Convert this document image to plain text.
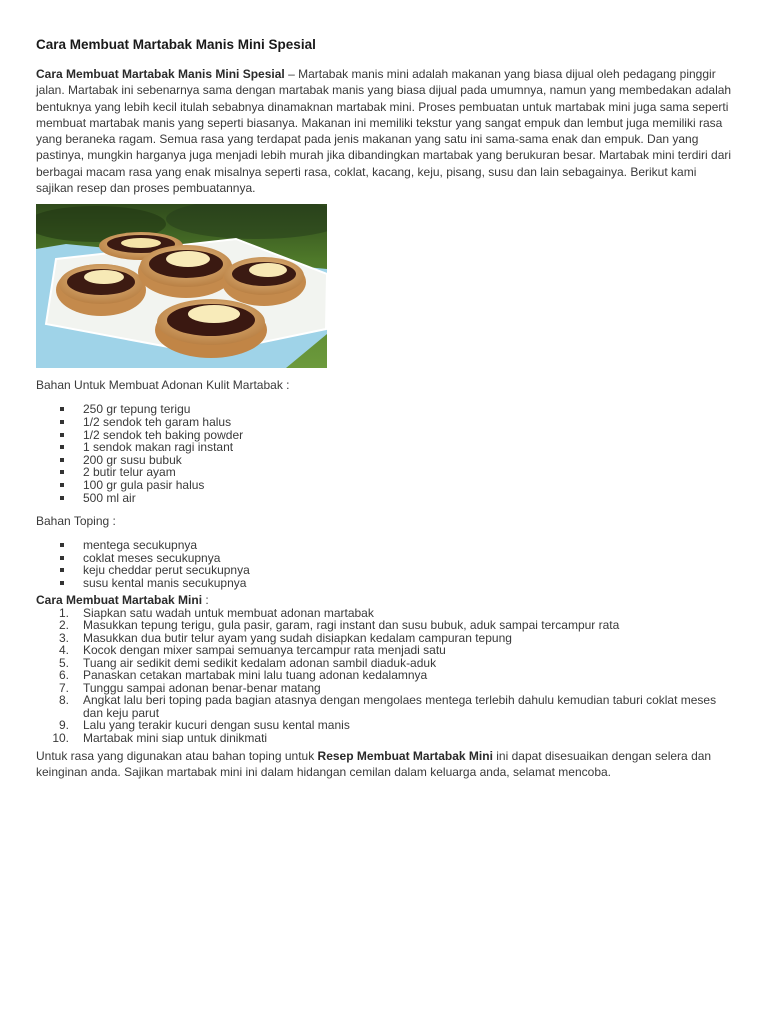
Cara Membuat Martabak Manis Mini Spesial

Cara Membuat Martabak Manis Mini Spesial – Martabak manis mini adalah makanan yang biasa dijual oleh pedagang pinggir jalan. Martabak ini sebenarnya sama dengan martabak manis yang biasa dijual pada umumnya, namun yang membedakan adalah bentuknya yang lebih kecil itulah sebabnya dinamaknan martabak mini. Proses pembuatan untuk martabak mini juga sama seperti membuat martabak manis yang seperti biasanya. Makanan ini memiliki tekstur yang sangat empuk dan lembut juga memiliki rasa yang beraneka ragam. Semua rasa yang terdapat pada jenis makanan yang satu ini sama-sama enak dan empuk. Dan yang pastinya, mungkin harganya juga menjadi lebih murah jika dibandingkan martabak yang berukuran besar. Martabak mini terdiri dari berbagai macam rasa yang enak misalnya seperti rasa, coklat, kacang, keju, pisang, susu dan lain sebagainya. Berikut kami sajikan resep dan proses pembuatannya.

Bahan Untuk Membuat Adonan Kulit Martabak :
250 gr tepung terigu
1/2 sendok teh garam halus
1/2 sendok teh baking powder
1 sendok makan ragi instant
200 gr susu bubuk
2 butir telur ayam
100 gr gula pasir halus
500 ml air
Bahan Toping :
mentega secukupnya
coklat meses secukupnya
keju cheddar perut secukupnya
susu kental manis secukupnya
Cara Membuat Martabak Mini :
1.	Siapkan satu wadah untuk membuat adonan martabak
2.	Masukkan tepung terigu, gula pasir, garam, ragi instant dan susu bubuk, aduk sampai tercampur rata
3.	Masukkan dua butir telur ayam yang sudah disiapkan kedalam campuran tepung
4.	Kocok dengan mixer sampai semuanya tercampur rata menjadi satu
5.	Tuang air sedikit demi sedikit kedalam adonan sambil diaduk-aduk
6.	Panaskan cetakan martabak mini lalu tuang adonan kedalamnya
7.	Tunggu sampai adonan benar-benar matang
8.	Angkat lalu beri toping pada bagian atasnya dengan mengolaes mentega terlebih dahulu kemudian taburi coklat meses dan keju parut
9.	Lalu yang terakir kucuri dengan susu kental manis
10.	Martabak mini siap untuk dinikmati

Untuk rasa yang digunakan atau bahan toping untuk Resep Membuat Martabak Mini ini dapat disesuaikan dengan selera dan keinginan anda. Sajikan martabak mini ini dalam hidangan cemilan dalam keluarga anda, selamat mencoba.
